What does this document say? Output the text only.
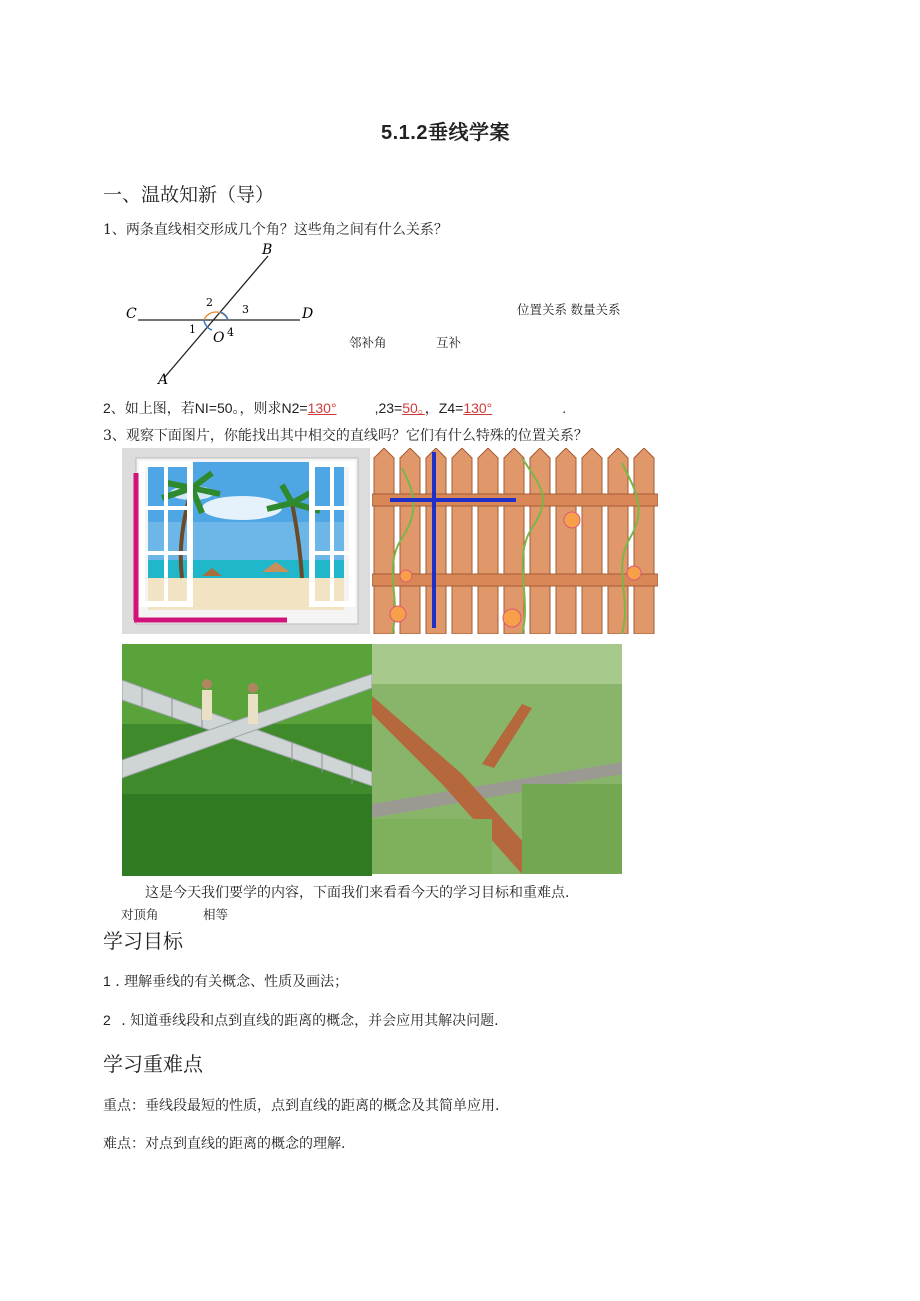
5.1.2垂线学案
一、温故知新（导）
1、两条直线相交形成几个角？这些角之间有什么关系？
B
C	D
A
O
2
3
1	4
位置关系 数量关系
邻补角	互补
2、如上图，若NI=50。，则求N2=130°	,23=50。，Z4=130°	.
3、观察下面图片，你能找出其中相交的直线吗？它们有什么特殊的位置关系？
这是今天我们要学的内容，下面我们来看看今天的学习目标和重难点.
对顶角	相等
学习目标
1 . 理解垂线的有关概念、性质及画法；
2 . 知道垂线段和点到直线的距离的概念，并会应用其解决问题.
学习重难点
重点：垂线段最短的性质，点到直线的距离的概念及其简单应用.
难点：对点到直线的距离的概念的理解.
